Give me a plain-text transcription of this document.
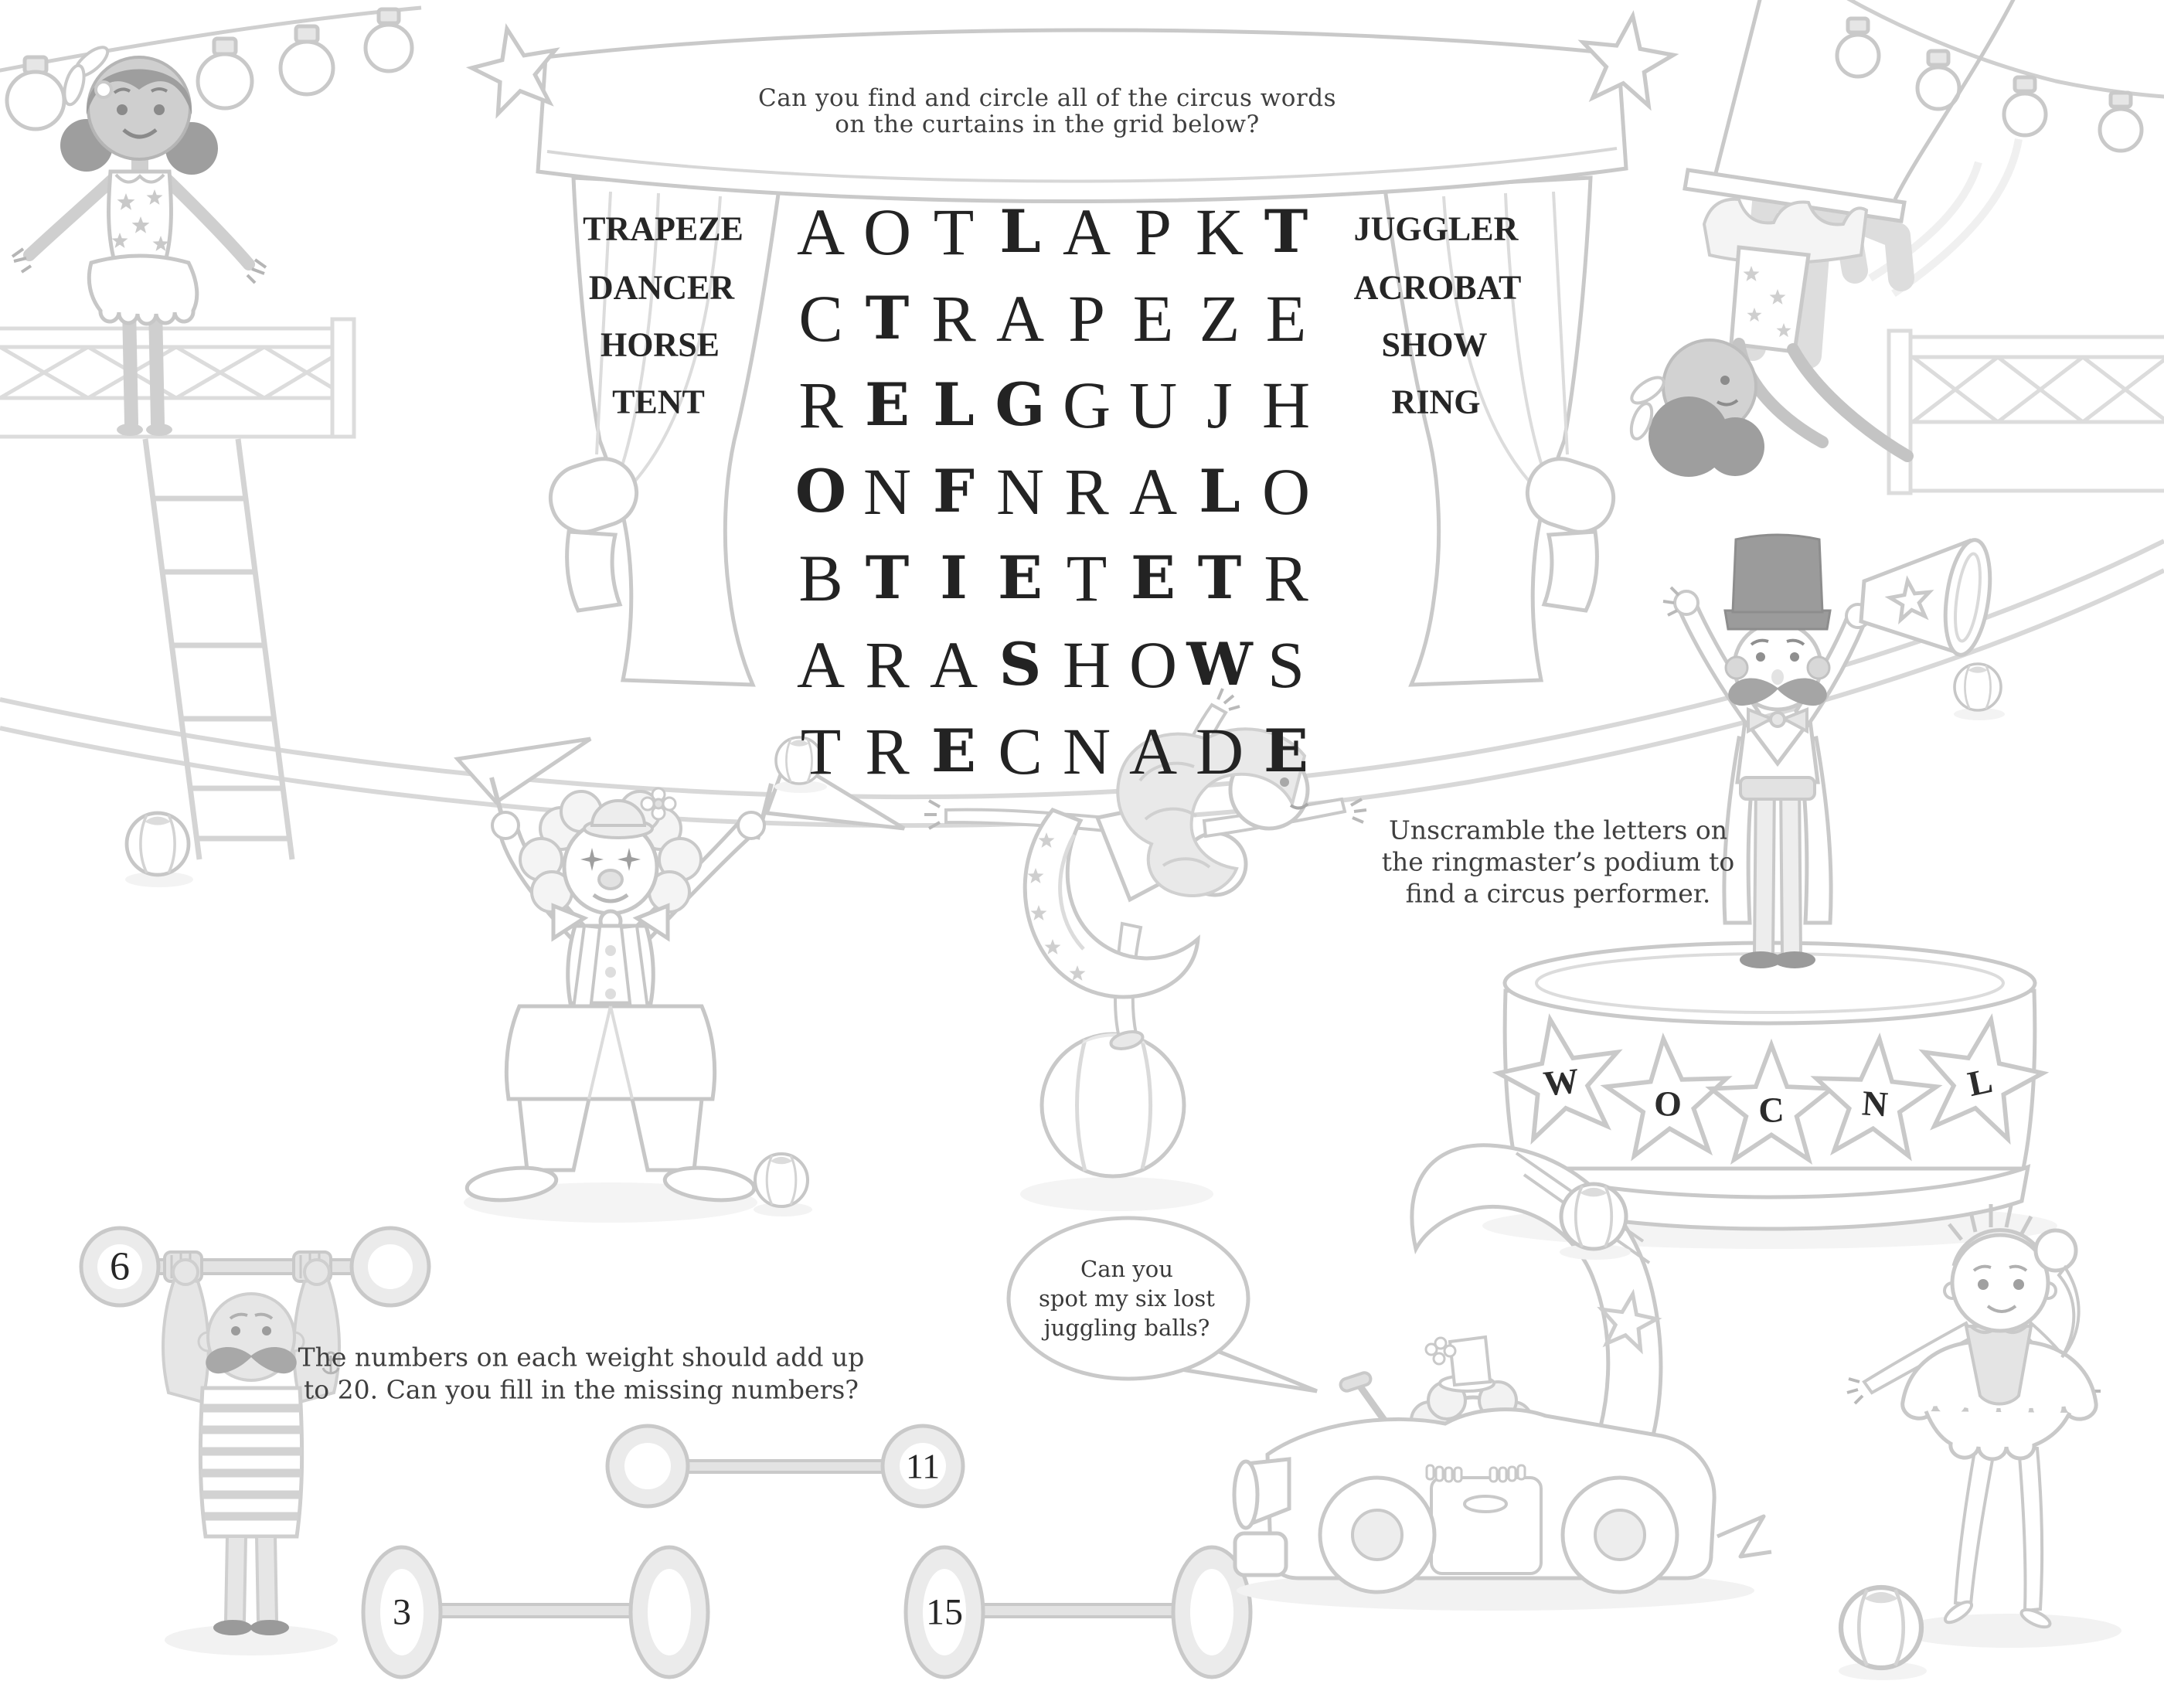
Can you find and circle all of the circus words
on the curtains in the grid below?
TRAPEZE
DANCER
HORSE
TENT
JUGGLER
ACROBAT
SHOW
RING
A O T L A P K T
C T R A P E Z E
R E L G G U J H
O N F N R A L O
B T I E T E T R
A R A S H O W S
T R E C N A D E
Unscramble the letters on
the ringmaster’s podium to
find a circus performer.
W
O C N L
The numbers on each weight should add up
to 20. Can you fill in the missing numbers?
6
11
3	15
Can you
spot my six lost
juggling balls?
